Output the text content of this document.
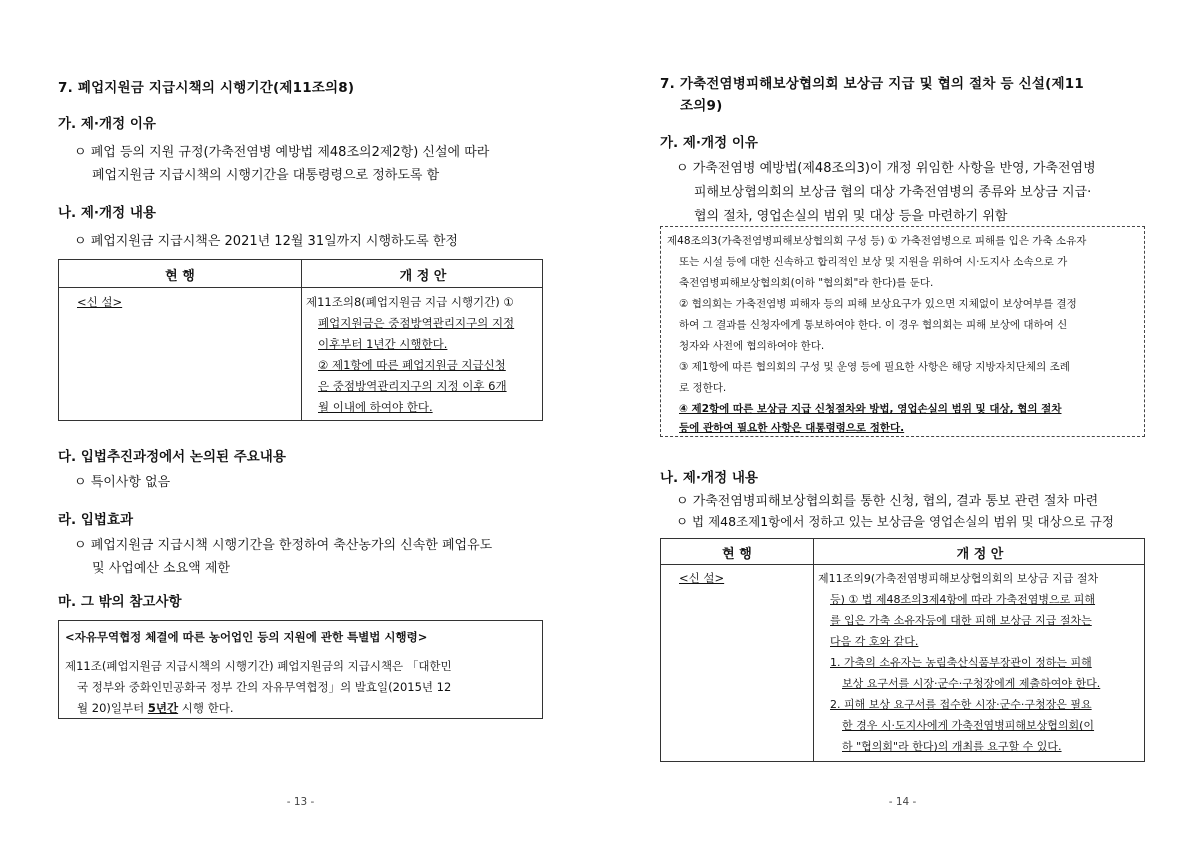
7. 폐업지원금 지급시책의 시행기간(제11조의8)
가. 제·개정 이유
ㅇ 폐업 등의 지원 규정(가축전염병 예방법 제48조의2제2항) 신설에 따라
폐업지원금 지급시책의 시행기간을 대통령령으로 정하도록 함
나. 제·개정 내용
ㅇ 폐업지원금 지급시책은 2021년 12월 31일까지 시행하도록 한정
현 행	개 정 안
<신 설>	제11조의8(폐업지원금 지급 시행기간) ①
폐업지원금은 중점방역관리지구의 지정
이후부터 1년간 시행한다.
② 제1항에 따른 폐업지원금 지급신청
은 중점방역관리지구의 지정 이후 6개
월 이내에 하여야 한다.
다. 입법추진과정에서 논의된 주요내용
ㅇ 특이사항 없음
라. 입법효과
ㅇ 폐업지원금 지급시책 시행기간을 한정하여 축산농가의 신속한 폐업유도
및 사업예산 소요액 제한
마. 그 밖의 참고사항
<자유무역협정 체결에 따른 농어업인 등의 지원에 관한 특별법 시행령>
제11조(폐업지원금 지급시책의 시행기간) 폐업지원금의 지급시책은 「대한민
국 정부와 중화인민공화국 정부 간의 자유무역협정」의 발효일(2015년 12
월 20)일부터 5년간 시행 한다.
- 13 -
7. 가축전염병피해보상협의회 보상금 지급 및 협의 절차 등 신설(제11
조의9)
가. 제·개정 이유
ㅇ 가축전염병 예방법(제48조의3)이 개정 위임한 사항을 반영, 가축전염병
피해보상협의회의 보상금 협의 대상 가축전염병의 종류와 보상금 지급·
협의 절차, 영업손실의 범위 및 대상 등을 마련하기 위함
제48조의3(가축전염병피해보상협의회 구성 등) ① 가축전염병으로 피해를 입은 가축 소유자
또는 시설 등에 대한 신속하고 합리적인 보상 및 지원을 위하여 시·도지사 소속으로 가
축전염병피해보상협의회(이하 "협의회"라 한다)를 둔다.
② 협의회는 가축전염병 피해자 등의 피해 보상요구가 있으면 지체없이 보상여부를 결정
하여 그 결과를 신청자에게 통보하여야 한다. 이 경우 협의회는 피해 보상에 대하여 신
청자와 사전에 협의하여야 한다.
③ 제1항에 따른 협의회의 구성 및 운영 등에 필요한 사항은 해당 지방자치단체의 조례
로 정한다.
④ 제2항에 따른 보상금 지급 신청절차와 방법, 영업손실의 범위 및 대상, 협의 절차
등에 관하여 필요한 사항은 대통령령으로 정한다.
나. 제·개정 내용
ㅇ 가축전염병피해보상협의회를 통한 신청, 협의, 결과 통보 관련 절차 마련
ㅇ 법 제48조제1항에서 정하고 있는 보상금을 영업손실의 범위 및 대상으로 규정
현 행	개 정 안
<신 설>	제11조의9(가축전염병피해보상협의회의 보상금 지급 절차
등) ① 법 제48조의3제4항에 따라 가축전염병으로 피해
를 입은 가축 소유자등에 대한 피해 보상금 지급 절차는
다음 각 호와 같다.
1. 가축의 소유자는 농림축산식품부장관이 정하는 피해
보상 요구서를 시장·군수·구청장에게 제출하여야 한다.
2. 피해 보상 요구서를 접수한 시장·군수·구청장은 필요
한 경우 시·도지사에게 가축전염병피해보상협의회(이
하 "협의회"라 한다)의 개최를 요구할 수 있다.
- 14 -
